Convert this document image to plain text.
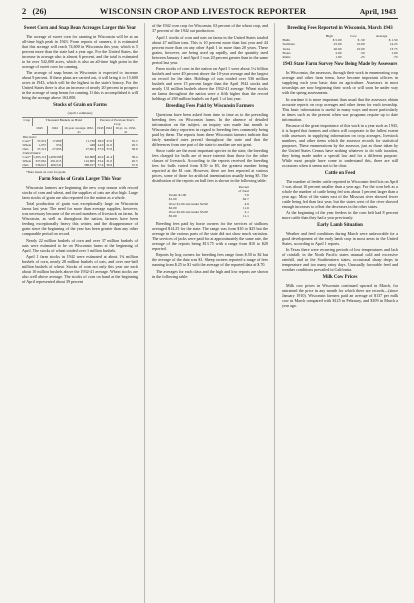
2 (26)	WISCONSIN CROP AND LIVESTOCK REPORTER	April, 1943
Sweet Corn and Snap Bean Acreages Larger this Year

The acreage of sweet corn for canning in Wisconsin will be at an all-time high peak in 1943. From reports of canners, it is estimated that this acreage will reach 74,600 in Wisconsin this year, which is 5 percent more than the state had a year ago. For the United States, the increase in acreage also is almost 6 percent, and the total is estimated to be over 542,000 acres, which is also an all-time high point in the acreage of sweet corn for canning.

The acreage of snap beans in Wisconsin is expected to increase about 9 percent. If these plans are carried out, it will bring it to 15,600 acres in 1943, which will be the highest in the state's history. For the United States there is also an increase of nearly 20 percent in prospect in the acreage of snap beans for canning. If this is accomplished it will bring the acreage above 163,000.

Stocks of Grain on Farms

(April 1 estimates)

Crop	Thousand Bushels on Hand			Percent of Previous Year's Crop		
	1943	1942	10-year average 1932-41	1943	1942	10-yr. av. 1932-41
Wisconsin:						
Corn*	37,972	17,869	11,730	38.0	37.0	35.3
Wheat	1,057	654	448	24.0	21.0	20.3
Oats	37,213	27,995	27,601	37.0	37.0	38.9
United States:						
Corn*	1,265,113	1,208,586	8,0,808	40.4	41.4	38.4
Wheat	327,661	291,015	122,605	33.4	31.0	20.3
Oats	536,621	466,541	388,917	37.4	36.9	37.9

*Data based on corn for grain.

Farm Stocks of Grain Larger This Year

Wisconsin farmers are beginning the new crop season with record stocks of corn and wheat, and the supplies of oats are also high. Large farm stocks of grain are also reported for the nation as a whole.

Total production of grain was exceptionally large on Wisconsin farms last year. The need for more than average supplies, however, was necessary because of the record numbers of livestock on farms. In Wisconsin, as well as throughout the nation, farmers have been feeding exceptionally heavy this winter, and the disappearance of grain since the beginning of the year has been greater than any other comparable period on record.

Nearly 22 million bushels of corn and over 37 million bushels of oats were estimated to be on Wisconsin farms at the beginning of April. The stocks of wheat totaled over 1 million bushels.

April 1 farm stocks in 1942 were estimated at about 1¾ million bushels of corn, nearly 28 million bushels of oats, and over one-half million bushels of wheat. Stocks of corn not only this year are each about 10 million bushels above the 1932-41 average. Wheat stocks are also well above average. The stocks of corn on hand at the beginning of April represented about 39 percent

of the 1942 corn crop for Wisconsin, 63 percent of the wheat crop, and 37 percent of the 1942 oat production.

April 1 stocks of corn and oats on farms in the United States totaled about 47 million tons. This is 10 percent more than last year and 44 percent more than on any other April 1 in more than 20 years. These grains, however, are being used up rapidly, and the quantity used between January 1 and April 1 was 20 percent greater than in the same period last year.

Farm stocks of corn in the nation on April 1 were about 1¼ billion bushels and were 49 percent above the 10-year average and the largest on record for the date. Holdings of oats totaled over 536 million bushels and were 15 percent larger than the April 1942 stocks and nearly 131 million bushels above the 1932-41 average. Wheat stocks on farms throughout the nation were a fifth higher than the record holdings of 269 million bushels on April 1 of last year.

Breeding Fees Paid by Wisconsin Farmers

Questions have been asked from time to time as to the prevailing breeding fees on Wisconsin farms. In the absence of detailed information on the subject, an inquiry was made last month to Wisconsin dairy reporters in regard to breeding fees commonly being paid by them. The reports from these Wisconsin farmers indicate that fairly standard rates prevail throughout the state and that the differences from one part of the state to another are not great.

Since cattle are the most important species in the state, the breeding fees charged for bulls are of more interest than those for the other classes of livestock. According to the reports received the breeding fees for bulls varied from $.50 to $5, the greatest number being reported at the $1 rate. However, there are fees reported at various prices, some of those for artificial insemination usually being $5. The distribution of the reports on bull fees is shown in the following table:

	Percent
	of Total
Under $1.00	7.6
$1.00	62.7
Over $1.00 and under $2.00	4.9
$2.00	11.6
Over $2.00 and under $5.00	2.1
$5.00	11.1

Breeding fees paid by horse owners for the services of stallions averaged $14.25 for the state. The range was from $10 to $25 but the average in the various parts of the state did not show much variation. The services of jacks were paid for at approximately the same rate, the average of the reports being $13.75 with a range from $10 to $20 reported.

Reports by hog owners for breeding fees range from $.50 to $2 but the average of the data was $1. Sheep owners reported a range of fees running from $.25 to $1 with the average of the reported data at $.70.

The averages for each class and the high and low reports are shown in the following table:

Breeding Fees Reported in Wisconsin, March 1943
	High	Low	Average
Bulls	$ 5.00	$ .50	$ 1.50
Stallions	25.00	10.00	14.25
Jacks	20.00	10.00	13.75
Boars	2.00	.50	1.00
Rams	1.00	.25	.70
1943 State Farm Survey Now Being Made by Assessors

In Wisconsin, the assessors, through their work in enumerating crop acreage and other farm items, have become important officers in supplying each year basic data on agriculture. Assessors in most townships are now beginning their work or will soon be under way with the spring assessments.

In wartime it is more important than usual that the assessors obtain accurate reports on crop acreages and other items for each township. This basic information is useful in many ways and more particularly in times such as the present when war programs require up to date information.

Because of the great importance of this work in a year such as 1943, it is hoped that farmers and others will cooperate to the fullest extent with assessors in supplying information on crop acreages, livestock numbers, and other items which the assessor records for statistical purposes. These enumerations by the assessor, just as those taken by the United States Census have nothing whatever to do with taxation, they being made under a special law and for a different purpose. While most people have come to understand this, there are still occasions when it seems not to be clear.

Cattle on Feed

The number of feeder cattle reported in Wisconsin feed lots on April 1 was about 10 percent smaller than a year ago. For the corn belt as a whole the number of cattle being fed was about 1 percent larger than a year ago. Most of the states east of the Missouri river showed fewer cattle being fed than last year, but the states west of the river showed enough increases to offset the decreases in the other states.

At the beginning of the year feeders in the corn belt had 8 percent more cattle than they had a year previously.

Early Lamb Situation

Weather and feed conditions during March were unfavorable for a good development of the early lamb crop in most areas in the United States, according to April 1 reports.

In Texas there were recurring periods of low temperatures and lack of rainfall; in the North Pacific states unusual cold and excessive rainfall, and in the Southeastern states, occasional sharp drops in temperature and too many rainy days. Unusually favorable feed and weather conditions prevailed in California.

Milk Cow Prices

Milk cow prices in Wisconsin continued upward in March, for untrained the price in any month for which there are records—(since January 1910). Wisconsin farmers paid an average of $137 per milk cow in March compared with $125 in February, and $109 in March a year ago.
